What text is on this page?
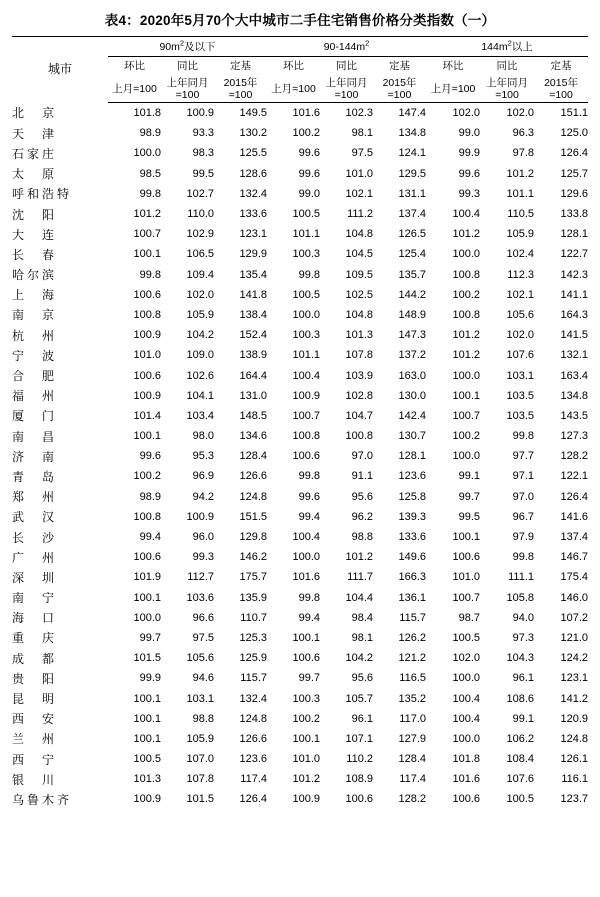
表4：2020年5月70个大中城市二手住宅销售价格分类指数（一）
城市	$90m^2$及以下			$90-144m^2$			$144m^2$以上		
	环比	同比	定基	环比	同比	定基	环比	同比	定基
	上月=100	上年同月=100	2015年=100	上月=100	上年同月=100	2015年=100	上月=100	上年同月=100	2015年=100
北　京	101.8	100.9	149.5	101.6	102.3	147.4	102.0	102.0	151.1
天　津	98.9	93.3	130.2	100.2	98.1	134.8	99.0	96.3	125.0
石家庄	100.0	98.3	125.5	99.6	97.5	124.1	99.9	97.8	126.4
太　原	98.5	99.5	128.6	99.6	101.0	129.5	99.6	101.2	125.7
呼和浩特	99.8	102.7	132.4	99.0	102.1	131.1	99.3	101.1	129.6
沈　阳	101.2	110.0	133.6	100.5	111.2	137.4	100.4	110.5	133.8
大　连	100.7	102.9	123.1	101.1	104.8	126.5	101.2	105.9	128.1
长　春	100.1	106.5	129.9	100.3	104.5	125.4	100.0	102.4	122.7
哈尔滨	99.8	109.4	135.4	99.8	109.5	135.7	100.8	112.3	142.3
上　海	100.6	102.0	141.8	100.5	102.5	144.2	100.2	102.1	141.1
南　京	100.8	105.9	138.4	100.0	104.8	148.9	100.8	105.6	164.3
杭　州	100.9	104.2	152.4	100.3	101.3	147.3	101.2	102.0	141.5
宁　波	101.0	109.0	138.9	101.1	107.8	137.2	101.2	107.6	132.1
合　肥	100.6	102.6	164.4	100.4	103.9	163.0	100.0	103.1	163.4
福　州	100.9	104.1	131.0	100.9	102.8	130.0	100.1	103.5	134.8
厦　门	101.4	103.4	148.5	100.7	104.7	142.4	100.7	103.5	143.5
南　昌	100.1	98.0	134.6	100.8	100.8	130.7	100.2	99.8	127.3
济　南	99.6	95.3	128.4	100.6	97.0	128.1	100.0	97.7	128.2
青　岛	100.2	96.9	126.6	99.8	91.1	123.6	99.1	97.1	122.1
郑　州	98.9	94.2	124.8	99.6	95.6	125.8	99.7	97.0	126.4
武　汉	100.8	100.9	151.5	99.4	96.2	139.3	99.5	96.7	141.6
长　沙	99.4	96.0	129.8	100.4	98.8	133.6	100.1	97.9	137.4
广　州	100.6	99.3	146.2	100.0	101.2	149.6	100.6	99.8	146.7
深　圳	101.9	112.7	175.7	101.6	111.7	166.3	101.0	111.1	175.4
南　宁	100.1	103.6	135.9	99.8	104.4	136.1	100.7	105.8	146.0
海　口	100.0	96.6	110.7	99.4	98.4	115.7	98.7	94.0	107.2
重　庆	99.7	97.5	125.3	100.1	98.1	126.2	100.5	97.3	121.0
成　都	101.5	105.6	125.9	100.6	104.2	121.2	102.0	104.3	124.2
贵　阳	99.9	94.6	115.7	99.7	95.6	116.5	100.0	96.1	123.1
昆　明	100.1	103.1	132.4	100.3	105.7	135.2	100.4	108.6	141.2
西　安	100.1	98.8	124.8	100.2	96.1	117.0	100.4	99.1	120.9
兰　州	100.1	105.9	126.6	100.1	107.1	127.9	100.0	106.2	124.8
西　宁	100.5	107.0	123.6	101.0	110.2	128.4	101.8	108.4	126.1
银　川	101.3	107.8	117.4	101.2	108.9	117.4	101.6	107.6	116.1
乌鲁木齐	100.9	101.5	126.4	100.9	100.6	128.2	100.6	100.5	123.7
